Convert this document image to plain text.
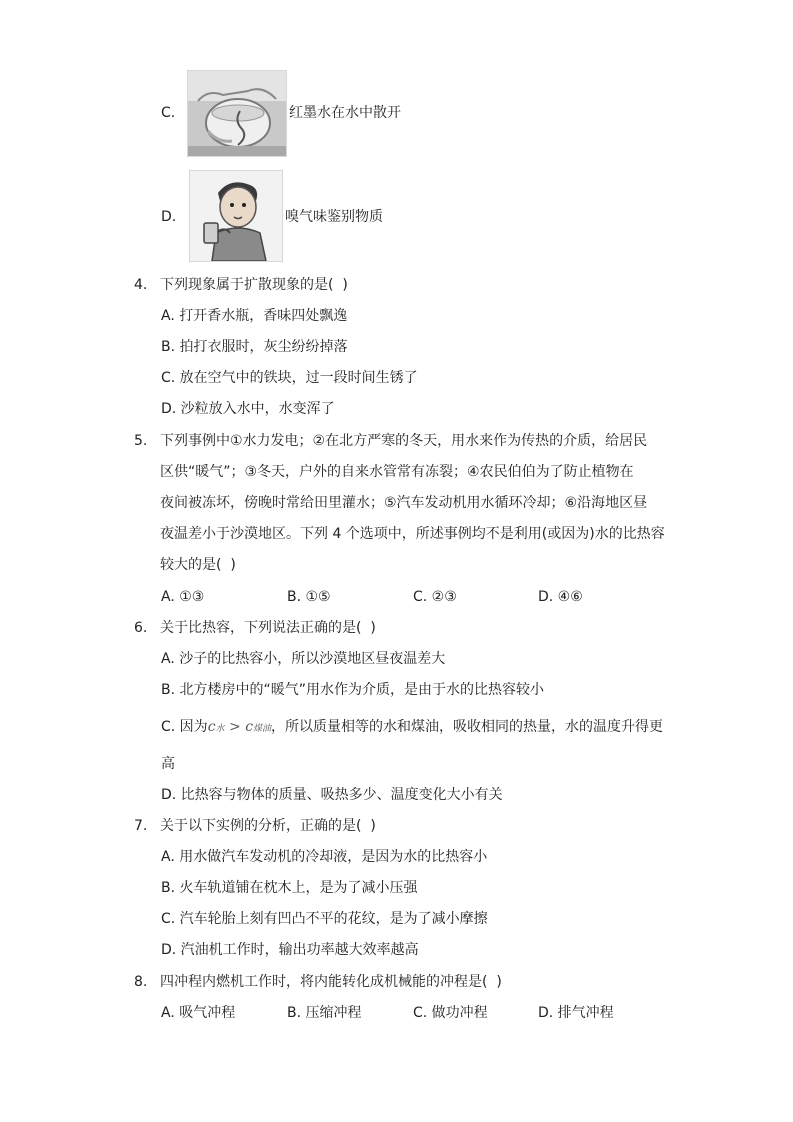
C.	红墨水在水中散开
D.	嗅气味鉴别物质
4. 下列现象属于扩散现象的是(  )
A. 打开香水瓶，香味四处飘逸
B. 拍打衣服时，灰尘纷纷掉落
C. 放在空气中的铁块，过一段时间生锈了
D. 沙粒放入水中，水变浑了
5. 下列事例中①水力发电；②在北方严寒的冬天，用水来作为传热的介质，给居民
区供“暖气”；③冬天，户外的自来水管常有冻裂；④农民伯伯为了防止植物在
夜间被冻坏，傍晚时常给田里灌水；⑤汽车发动机用水循环冷却；⑥沿海地区昼
夜温差小于沙漠地区。下列 4 个选项中，所述事例均不是利用(或因为)水的比热容
较大的是(  )
A. ①③	B. ①⑤	C. ②③	D. ④⑥
6. 关于比热容，下列说法正确的是(  )
A. 沙子的比热容小，所以沙漠地区昼夜温差大
B. 北方楼房中的“暖气”用水作为介质，是由于水的比热容较小
C. 因为c水 > c煤油，所以质量相等的水和煤油，吸收相同的热量，水的温度升得更
高
D. 比热容与物体的质量、吸热多少、温度变化大小有关
7. 关于以下实例的分析，正确的是(  )
A. 用水做汽车发动机的冷却液，是因为水的比热容小
B. 火车轨道铺在枕木上，是为了减小压强
C. 汽车轮胎上刻有凹凸不平的花纹，是为了减小摩擦
D. 汽油机工作时，输出功率越大效率越高
8. 四冲程内燃机工作时，将内能转化成机械能的冲程是(  )
A. 吸气冲程	B. 压缩冲程	C. 做功冲程	D. 排气冲程
